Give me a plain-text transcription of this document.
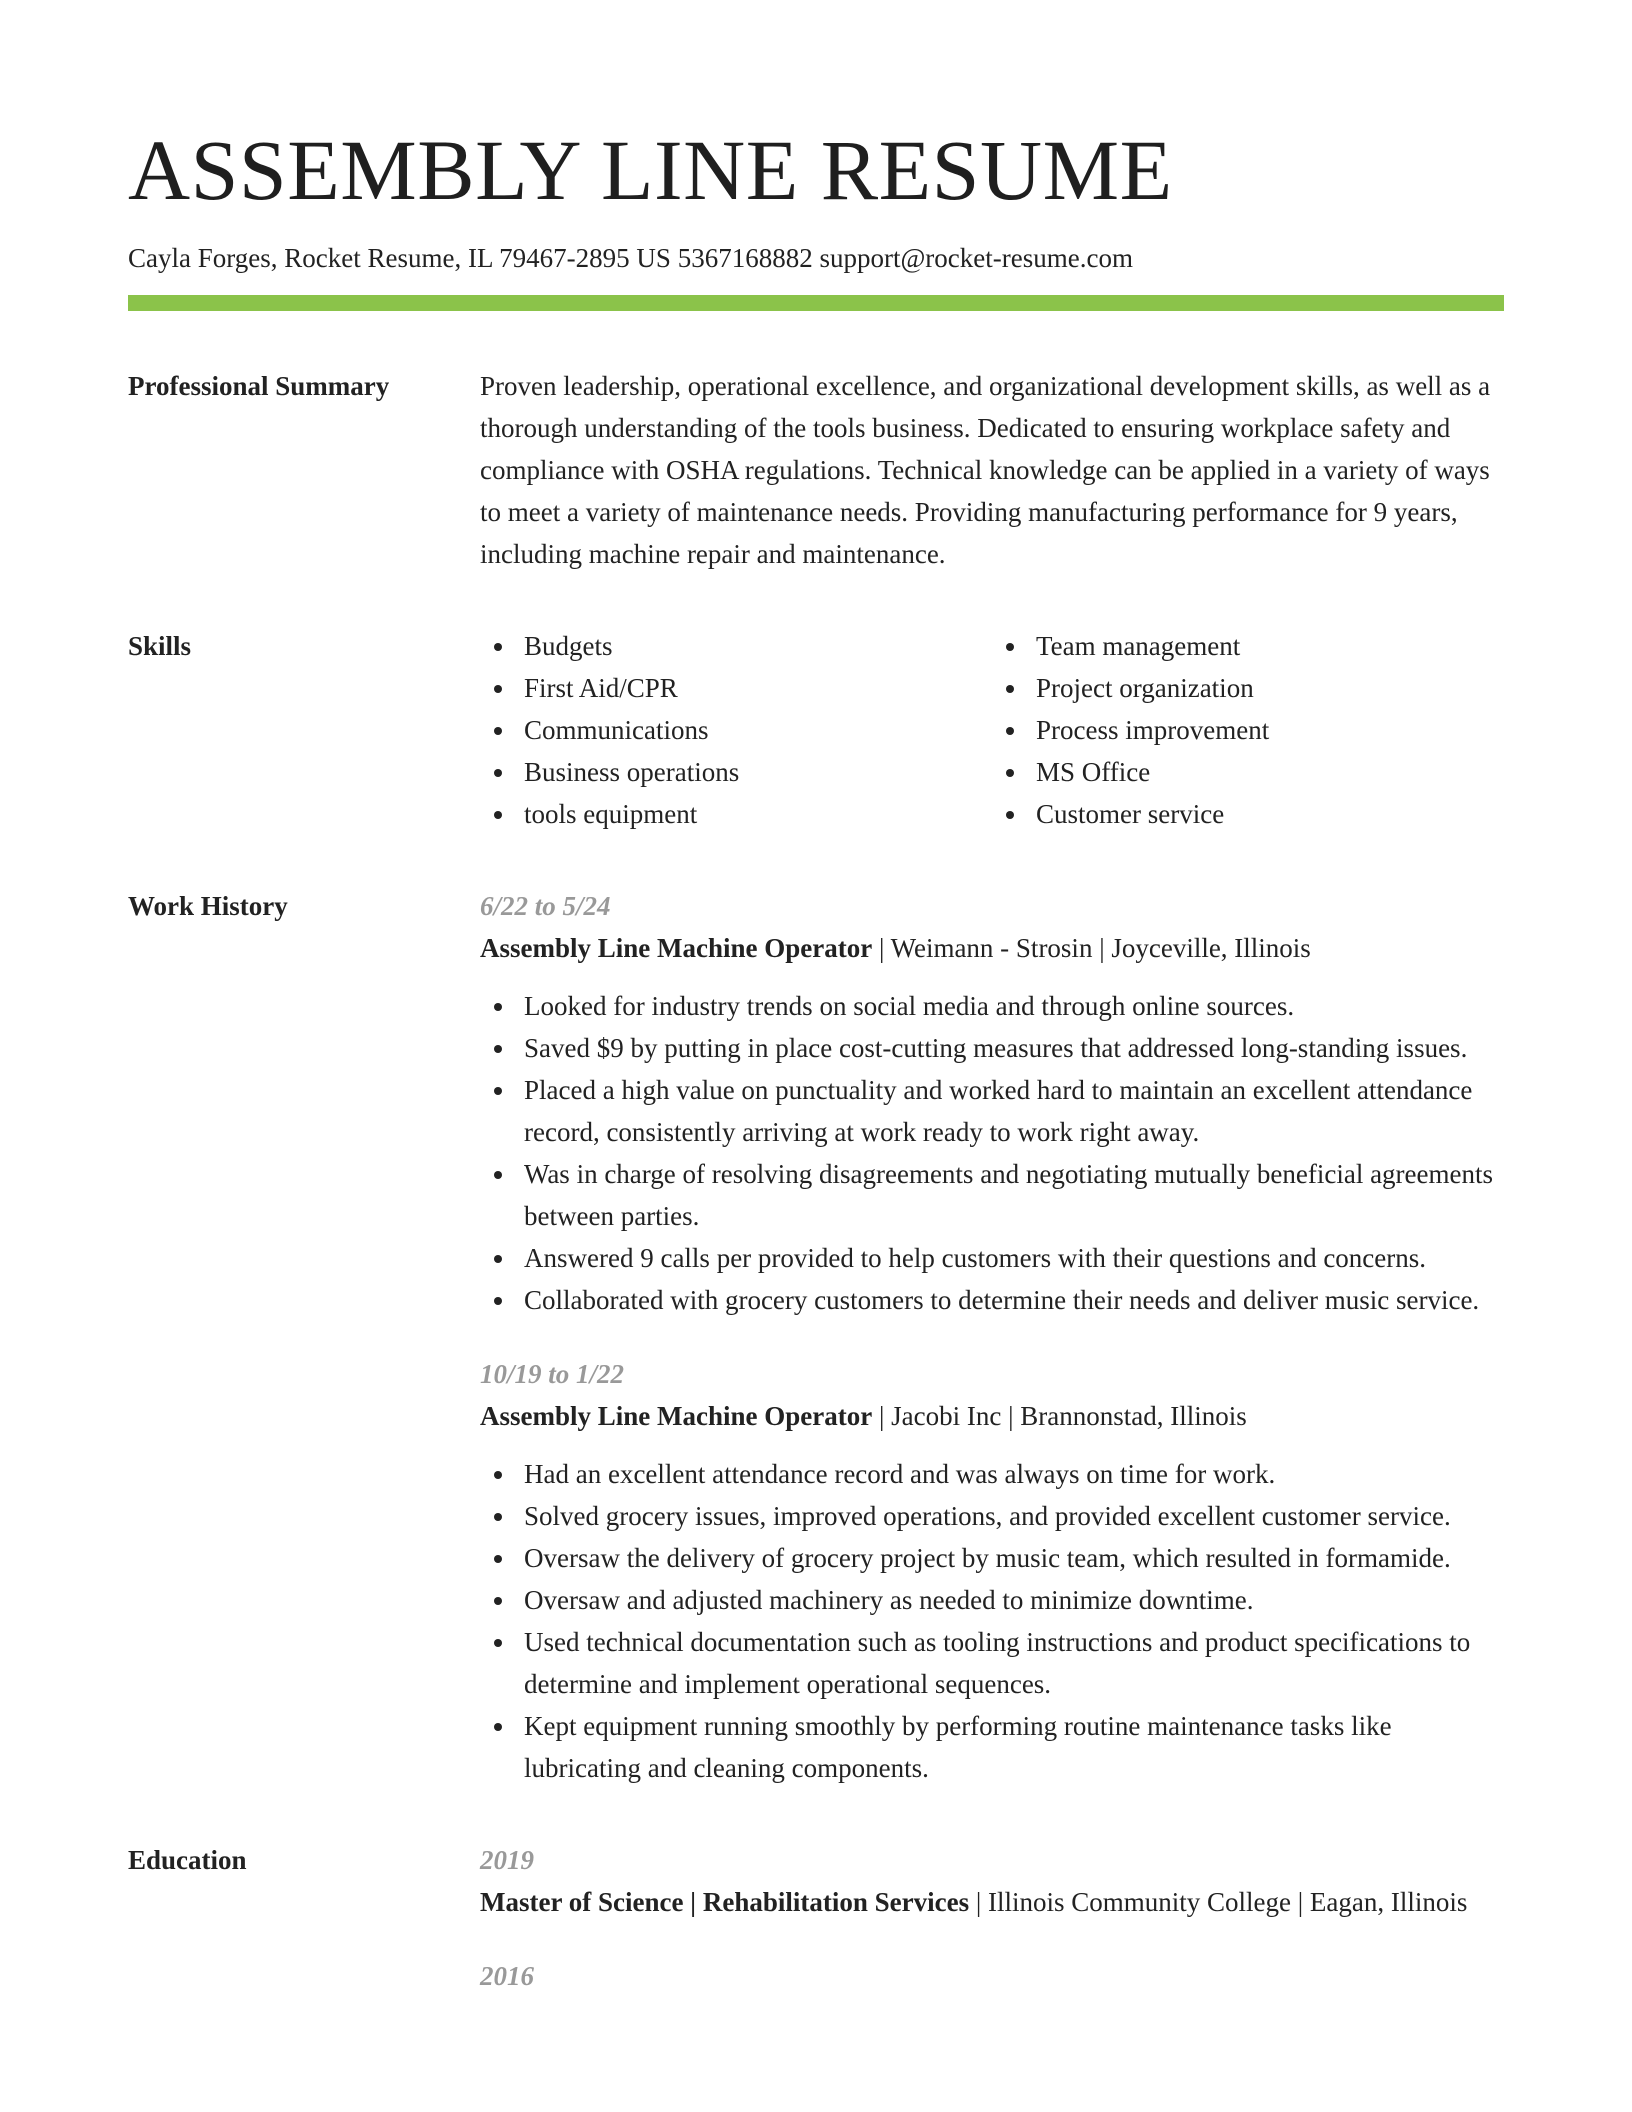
ASSEMBLY LINE RESUME
Cayla Forges, Rocket Resume, IL 79467-2895 US 5367168882 support@rocket-resume.com
Professional Summary	Proven leadership, operational excellence, and organizational development skills, as well as a thorough understanding of the tools business. Dedicated to ensuring workplace safety and compliance with OSHA regulations. Technical knowledge can be applied in a variety of ways to meet a variety of maintenance needs. Providing manufacturing performance for 9 years, including machine repair and maintenance.

Skills	Budgets
First Aid/CPR
Communications
Business operations
tools equipment
Team management
Project organization
Process improvement
MS Office
Customer service
Work History	6/22 to 5/24
Assembly Line Machine Operator | Weimann - Strosin | Joyceville, Illinois
Looked for industry trends on social media and through online sources.
Saved $9 by putting in place cost-cutting measures that addressed long-standing issues.
Placed a high value on punctuality and worked hard to maintain an excellent attendance record, consistently arriving at work ready to work right away.
Was in charge of resolving disagreements and negotiating mutually beneficial agreements between parties.
Answered 9 calls per provided to help customers with their questions and concerns.
Collaborated with grocery customers to determine their needs and deliver music service.
10/19 to 1/22
Assembly Line Machine Operator | Jacobi Inc | Brannonstad, Illinois
Had an excellent attendance record and was always on time for work.
Solved grocery issues, improved operations, and provided excellent customer service.
Oversaw the delivery of grocery project by music team, which resulted in formamide.
Oversaw and adjusted machinery as needed to minimize downtime.
Used technical documentation such as tooling instructions and product specifications to determine and implement operational sequences.
Kept equipment running smoothly by performing routine maintenance tasks like lubricating and cleaning components.
Education	2019
Master of Science | Rehabilitation Services | Illinois Community College | Eagan, Illinois
2016
